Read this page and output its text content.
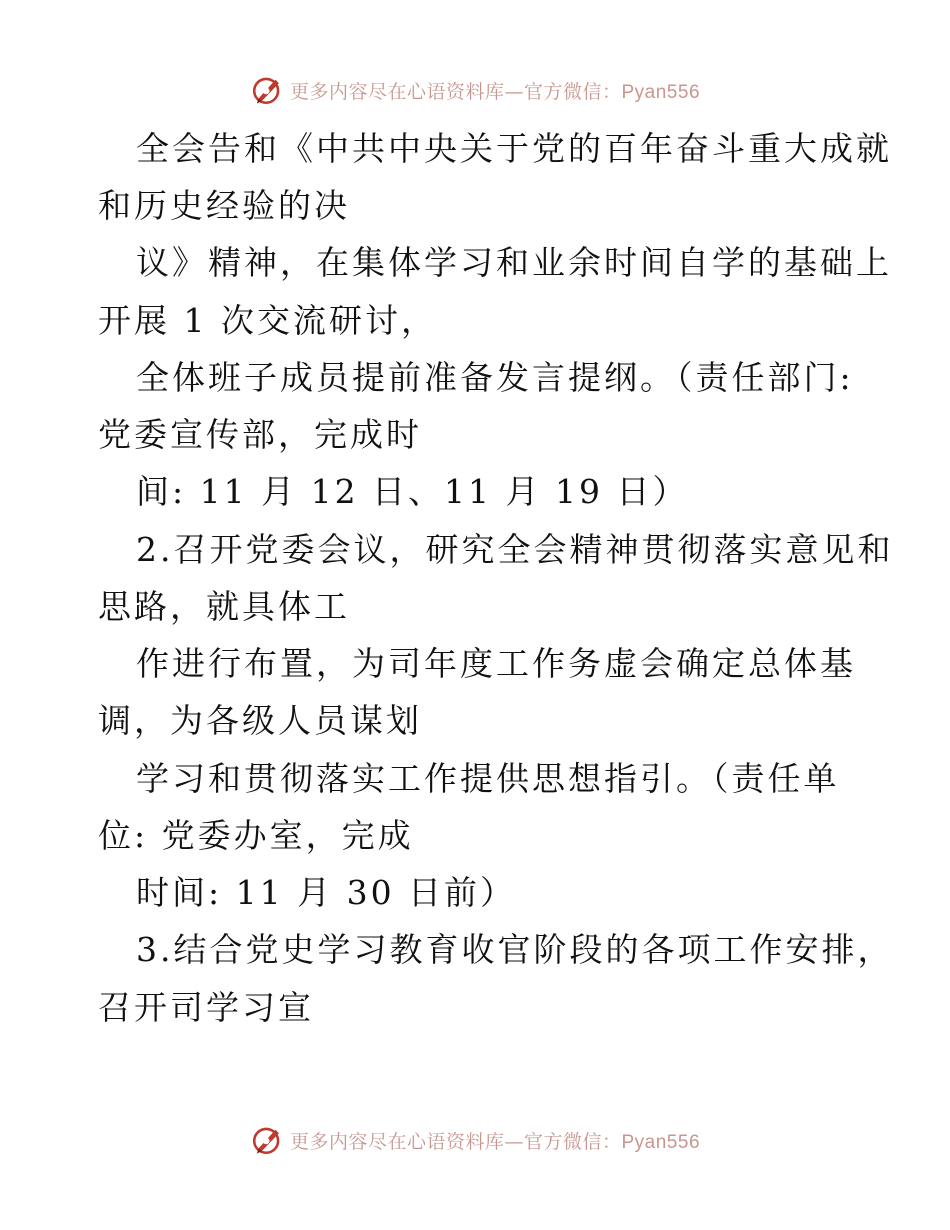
更多内容尽在心语资料库—官方微信：Pyan556
全会告和《中共中央关于党的百年奋斗重大成就
和历史经验的决
议》精神，在集体学习和业余时间自学的基础上
开展 1 次交流研讨，
全体班子成员提前准备发言提纲。（责任部门:
党委宣传部，完成时
间: 11 月 12 日、11 月 19 日）
2.召开党委会议，研究全会精神贯彻落实意见和
思路，就具体工
作进行布置，为司年度工作务虚会确定总体基
调，为各级人员谋划
学习和贯彻落实工作提供思想指引。（责任单
位: 党委办室，完成
时间: 11 月 30 日前）
3.结合党史学习教育收官阶段的各项工作安排，
召开司学习宣
更多内容尽在心语资料库—官方微信：Pyan556
